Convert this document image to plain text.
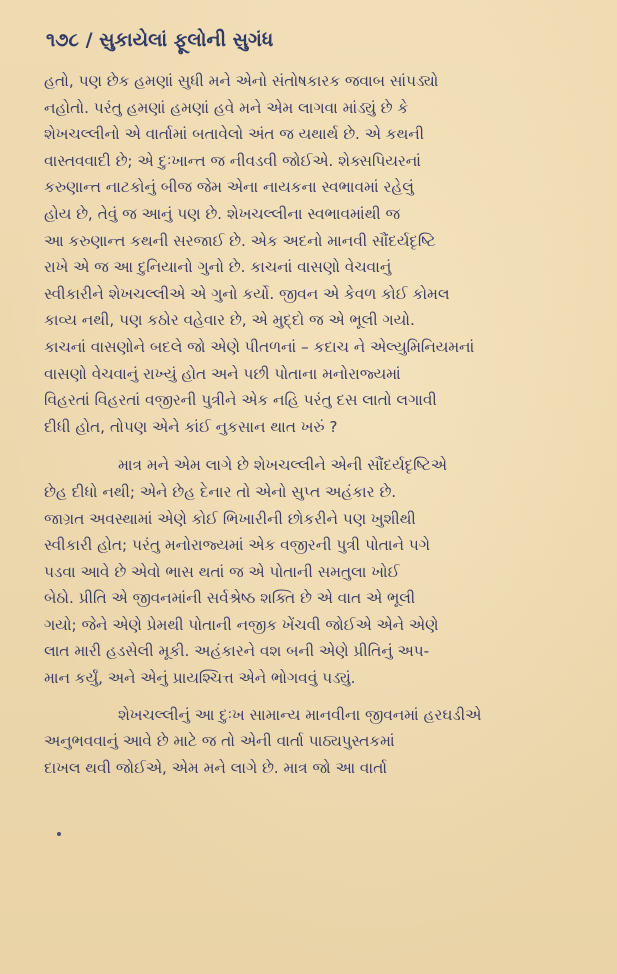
૧૭૮ / સુકાયેલાં ફૂલોની સુગંધ
હતો, પણ છેક હમણાં સુધી મને એનો સંતોષકારક જવાબ સાંપડ્યો
નહોતો. પરંતુ હમણાં હમણાં હવે મને એમ લાગવા માંડ્યું છે કે
શેખચલ્લીનો એ વાર્તામાં બતાવેલો અંત જ યથાર્થ છે. એ કથની
વાસ્તવવાદી છે; એ દુઃખાન્ત જ નીવડવી જોઈએ. શેક્સપિયરનાં
કરુણાન્ત નાટકોનું બીજ જેમ એના નાયકના સ્વભાવમાં રહેલું
હોય છે, તેવું જ આનું પણ છે. શેખચલ્લીના સ્વભાવમાંથી જ
આ કરુણાન્ત કથની સરજાઈ છે. એક અદનો માનવી સૌંદર્યદૃષ્ટિ
રાખે એ જ આ દુનિયાનો ગુનો છે. કાચનાં વાસણો વેચવાનું
સ્વીકારીને શેખચલ્લીએ એ ગુનો કર્યો. જીવન એ કેવળ કોઈ કોમલ
કાવ્ય નથી, પણ કઠોર વહેવાર છે, એ મુદ્દો જ એ ભૂલી ગયો.
કાચનાં વાસણોને બદલે જો એણે પીતળનાં – કદાચ ને એલ્યુમિનિયમનાં
વાસણો વેચવાનું રાખ્યું હોત અને પછી પોતાના મનોરાજ્યમાં
વિહરતાં વિહરતાં વજીરની પુત્રીને એક નહિ પરંતુ દસ લાતો લગાવી
દીધી હોત, તોપણ એને કાંઈ નુકસાન થાત ખરું ?
માત્ર મને એમ લાગે છે શેખચલ્લીને એની સૌંદર્યદૃષ્ટિએ
છેહ દીધો નથી; એને છેહ દેનાર તો એનો સુપ્ત અહંકાર છે.
જાગ્રત અવસ્થામાં એણે કોઈ ભિખારીની છોકરીને પણ ખુશીથી
સ્વીકારી હોત; પરંતુ મનોરાજ્યમાં એક વજીરની પુત્રી પોતાને પગે
પડવા આવે છે એવો ભાસ થતાં જ એ પોતાની સમતુલા ખોઈ
બેઠો. પ્રીતિ એ જીવનમાંની સર્વશ્રેષ્ઠ શક્તિ છે એ વાત એ ભૂલી
ગયો; જેને એણે પ્રેમથી પોતાની નજીક ખેંચવી જોઈએ એને એણે
લાત મારી હડસેલી મૂકી. અહંકારને વશ બની એણે પ્રીતિનું અપ-
માન કર્યું, અને એનું પ્રાયશ્ચિત્ત એને ભોગવવું પડ્યું.
શેખચલ્લીનું આ દુઃખ સામાન્ય માનવીના જીવનમાં હરઘડીએ
અનુભવવાનું આવે છે માટે જ તો એની વાર્તા પાઠ્યપુસ્તકમાં
દાખલ થવી જોઈએ, એમ મને લાગે છે. માત્ર જો આ વાર્તા
